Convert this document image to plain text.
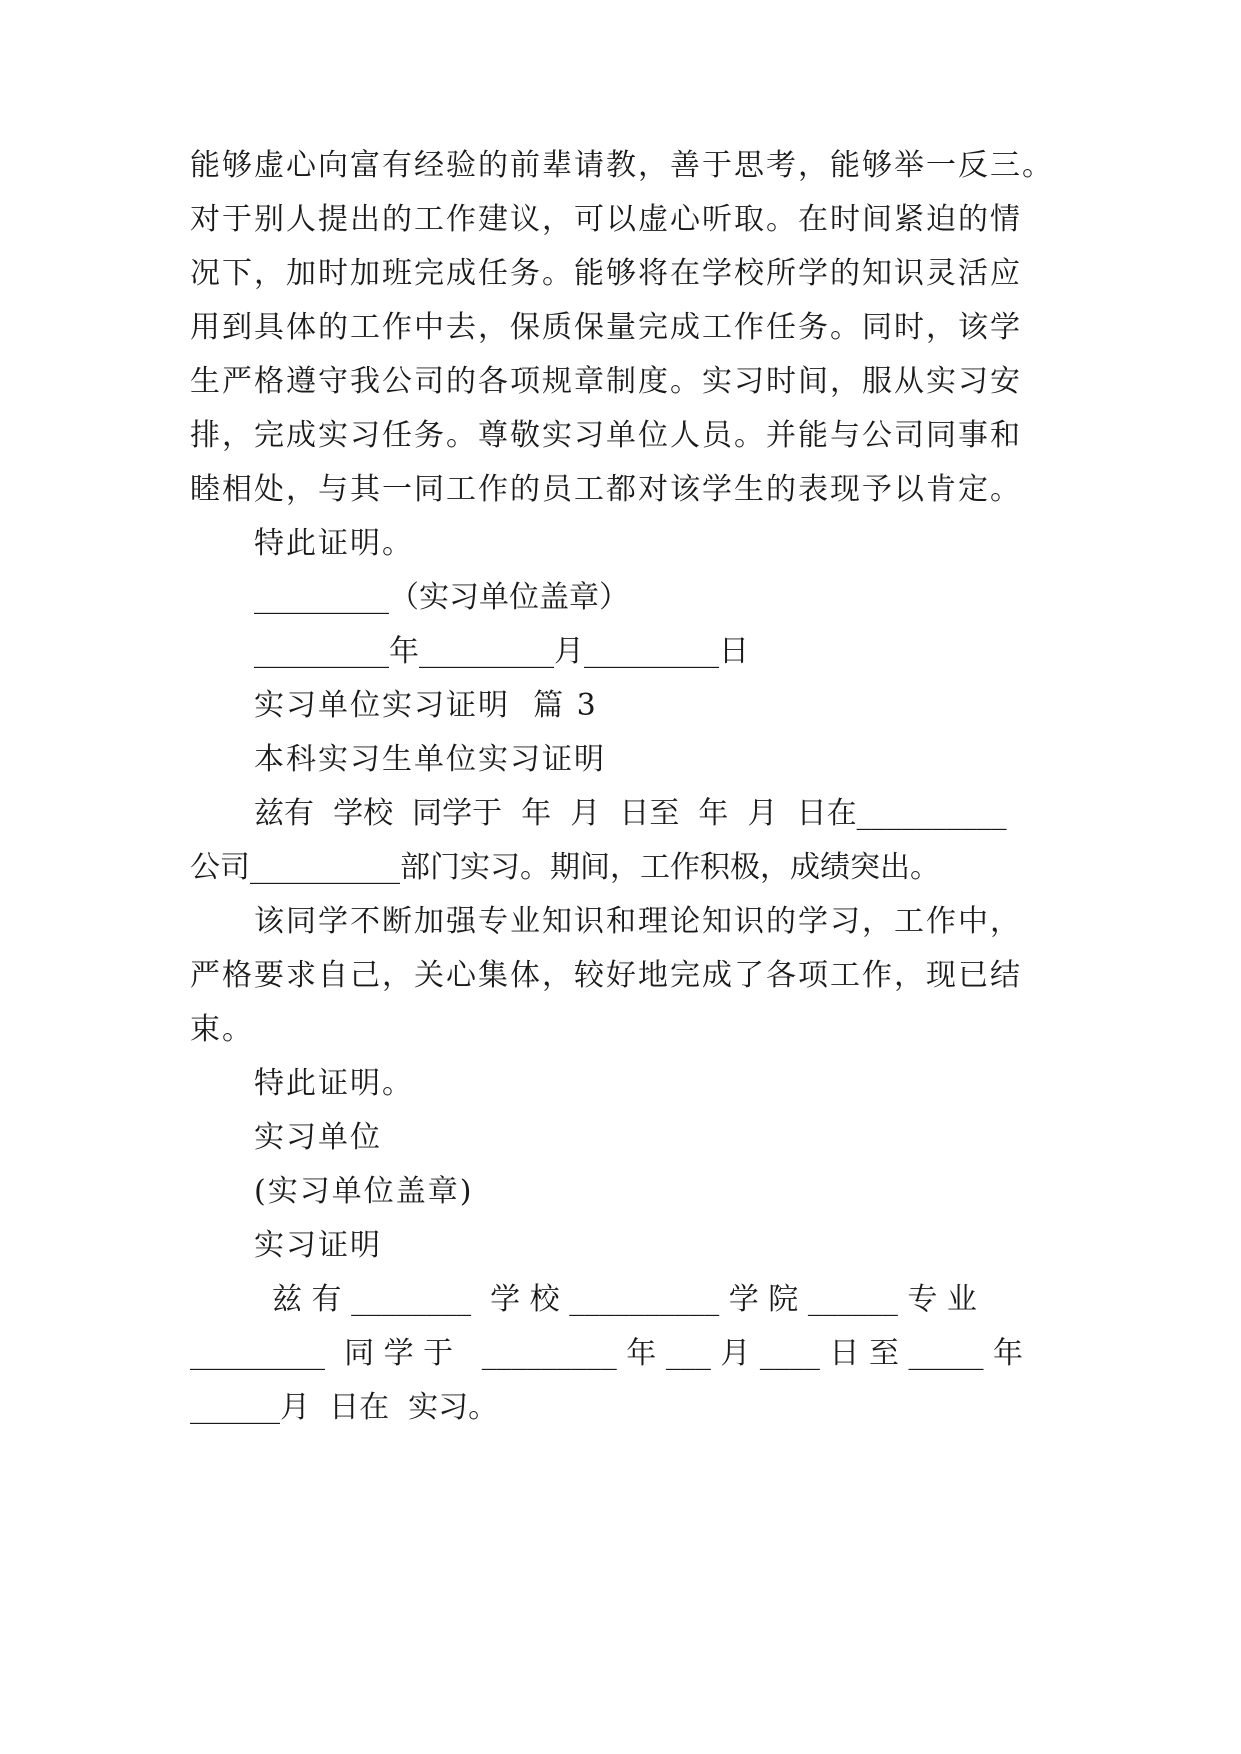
能够虚心向富有经验的前辈请教，善于思考，能够举一反三。
对于别人提出的工作建议，可以虚心听取。在时间紧迫的情
况下，加时加班完成任务。能够将在学校所学的知识灵活应
用到具体的工作中去，保质保量完成工作任务。同时，该学
生严格遵守我公司的各项规章制度。实习时间，服从实习安
排，完成实习任务。尊敬实习单位人员。并能与公司同事和
睦相处，与其一同工作的员工都对该学生的表现予以肯定。
特此证明。
_________（实习单位盖章）
_________年_________月_________日
实习单位实习证明  篇 3
本科实习生单位实习证明
兹有  学校  同学于  年  月  日至  年  月  日在__________
公司__________部门实习。期间，工作积极，成绩突出。
该同学不断加强专业知识和理论知识的学习，工作中，
严格要求自己，关心集体，较好地完成了各项工作，现已结
束。
特此证明。
实习单位
(实习单位盖章)
实习证明
兹 有 ________  学 校 __________ 学 院 ______ 专 业
_________  同 学 于   _________ 年 ___ 月 ____ 日 至 _____ 年
______月  日在  实习。
